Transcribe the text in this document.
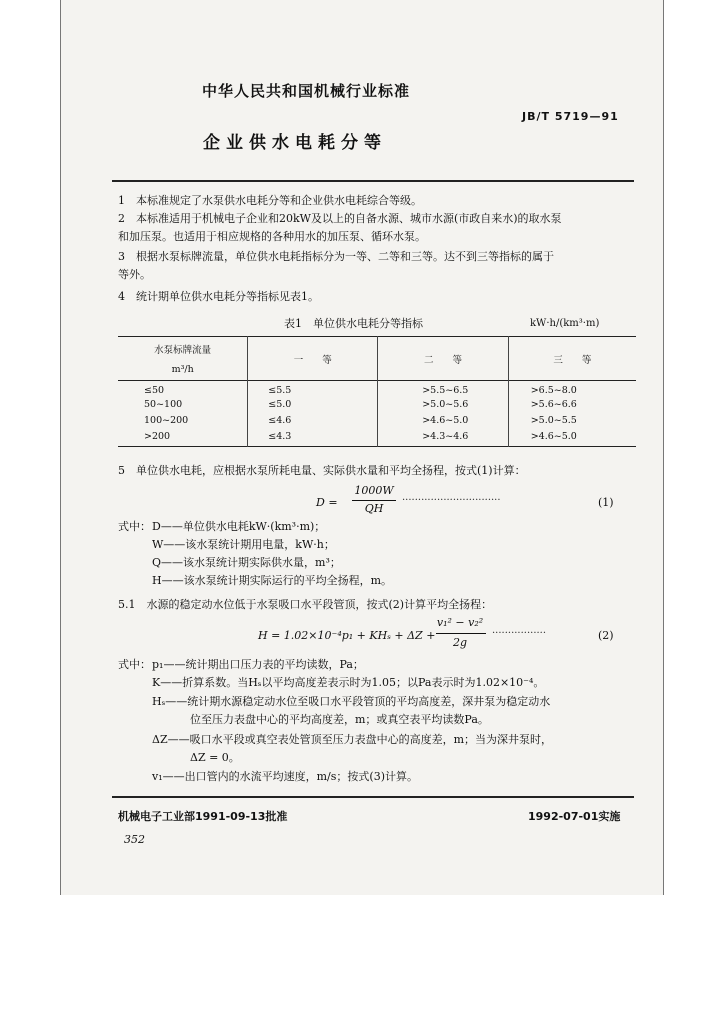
中华人民共和国机械行业标准
JB/T 5719—91
企业供水电耗分等
1　本标准规定了水泵供水电耗分等和企业供水电耗综合等级。
2　本标准适用于机械电子企业和20kW及以上的自备水源、城市水源(市政自来水)的取水泵
和加压泵。也适用于相应规格的各种用水的加压泵、循环水泵。
3　根据水泵标牌流量，单位供水电耗指标分为一等、二等和三等。达不到三等指标的属于
等外。
4　统计期单位供水电耗分等指标见表1。
表1　单位供水电耗分等指标	kW·h/(km³·m)
水泵标牌流量
m³/h	一　　等	二　　等	三　　等
≤50	≤5.5	>5.5~6.5	>6.5~8.0
50~100	≤5.0	>5.0~5.6	>5.6~6.6
100~200	≤4.6	>4.6~5.0	>5.0~5.5
>200	≤4.3	>4.3~4.6	>4.6~5.0
5　单位供水电耗，应根据水泵所耗电量、实际供水量和平均全扬程，按式(1)计算：
D =
1000W
QH
·······························	(1)
式中： D——单位供水电耗kW·(km³·m)；
W——该水泵统计期用电量，kW·h；
Q——该水泵统计期实际供水量，m³；
H——该水泵统计期实际运行的平均全扬程，m。
5.1　水源的稳定动水位低于水泵吸口水平段管顶，按式(2)计算平均全扬程：
H = 1.02×10⁻⁴p₁ + KHₛ + ΔZ +
v₁² − v₂²
2g
·················	(2)
式中： p₁——统计期出口压力表的平均读数，Pa；
K——折算系数。当Hₛ以平均高度差表示时为1.05；以Pa表示时为1.02×10⁻⁴。
Hₛ——统计期水源稳定动水位至吸口水平段管顶的平均高度差，深井泵为稳定动水
位至压力表盘中心的平均高度差，m；或真空表平均读数Pa。
ΔZ——吸口水平段或真空表处管顶至压力表盘中心的高度差，m；当为深井泵时，
ΔZ = 0。
v₁——出口管内的水流平均速度，m/s；按式(3)计算。
机械电子工业部1991-09-13批准	1992-07-01实施
352
